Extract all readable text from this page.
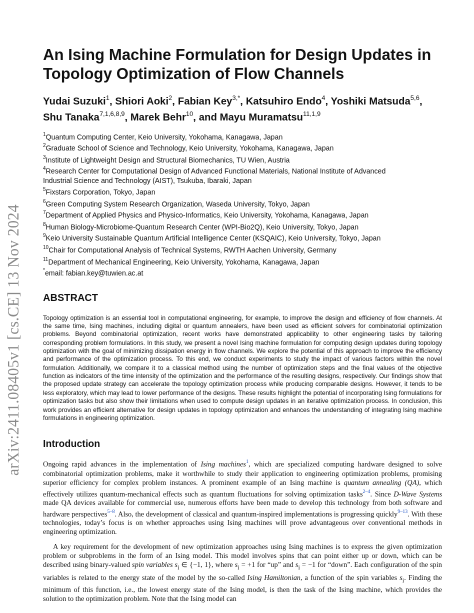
arXiv:2411.08405v1 [cs.CE] 13 Nov 2024
An Ising Machine Formulation for Design Updates in Topology Optimization of Flow Channels
Yudai Suzuki$^1$, Shiori Aoki$^2$, Fabian Key$^{3,*}$, Katsuhiro Endo$^4$, Yoshiki Matsuda$^{5,6}$, Shu Tanaka$^{7,1,6,8,9}$, Marek Behr$^{10}$, and Mayu Muramatsu$^{11,1,9}$
$^1$Quantum Computing Center, Keio University, Yokohama, Kanagawa, Japan
$^2$Graduate School of Science and Technology, Keio University, Yokohama, Kanagawa, Japan
$^3$Institute of Lightweight Design and Structural Biomechanics, TU Wien, Austria
$^4$Research Center for Computational Design of Advanced Functional Materials, National Institute of Advanced
Industrial Science and Technology (AIST), Tsukuba, Ibaraki, Japan
$^5$Fixstars Corporation, Tokyo, Japan
$^6$Green Computing System Research Organization, Waseda University, Tokyo, Japan
$^7$Department of Applied Physics and Physico-Informatics, Keio University, Yokohama, Kanagawa, Japan
$^8$Human Biology-Microbiome-Quantum Research Center (WPI-Bio2Q), Keio University, Tokyo, Japan
$^9$Keio University Sustainable Quantum Artificial Intelligence Center (KSQAIC), Keio University, Tokyo, Japan
$^{10}$Chair for Computational Analysis of Technical Systems, RWTH Aachen University, Germany
$^{11}$Department of Mechanical Engineering, Keio University, Yokohama, Kanagawa, Japan
*email: fabian.key@tuwien.ac.at
ABSTRACT

Topology optimization is an essential tool in computational engineering, for example, to improve the design and efficiency of flow channels. At the same time, Ising machines, including digital or quantum annealers, have been used as efficient solvers for combinatorial optimization problems. Beyond combinatorial optimization, recent works have demonstrated applicability to other engineering tasks by tailoring corresponding problem formulations. In this study, we present a novel Ising machine formulation for computing design updates during topology optimization with the goal of minimizing dissipation energy in flow channels. We explore the potential of this approach to improve the efficiency and performance of the optimization process. To this end, we conduct experiments to study the impact of various factors within the novel formulation. Additionally, we compare it to a classical method using the number of optimization steps and the final values of the objective function as indicators of the time intensity of the optimization and the performance of the resulting designs, respectively. Our findings show that the proposed update strategy can accelerate the topology optimization process while producing comparable designs. However, it tends to be less exploratory, which may lead to lower performance of the designs. These results highlight the potential of incorporating Ising formulations for optimization tasks but also show their limitations when used to compute design updates in an iterative optimization process. In conclusion, this work provides an efficient alternative for design updates in topology optimization and enhances the understanding of integrating Ising machine formulations in engineering optimization.

Introduction

Ongoing rapid advances in the implementation of Ising machines$^1$, which are specialized computing hardware designed to solve combinatorial optimization problems, make it worthwhile to study their application to engineering optimization problems, promising superior efficiency for complex problem instances. A prominent example of an Ising machine is quantum annealing (QA), which effectively utilizes quantum-mechanical effects such as quantum fluctuations for solving optimization tasks$^{2-4}$. Since D-Wave Systems made QA devices available for commercial use, numerous efforts have been made to develop this technology from both software and hardware perspectives$^{5-8}$. Also, the development of classical and quantum-inspired implementations is progressing quickly$^{9-13}$. With these technologies, today’s focus is on whether approaches using Ising machines will prove advantageous over conventional methods in engineering optimization.

A key requirement for the development of new optimization approaches using Ising machines is to express the given optimization problem or subproblems in the form of an Ising model. This model involves spins that can point either up or down, which can be described using binary-valued spin variables $s_i$ ∈ {−1, 1}, where $s_i = +1$ for “up” and $s_i = -1$ for “down”. Each configuration of the spin variables is related to the energy state of the model by the so-called Ising Hamiltonian, a function of the spin variables $s_i$. Finding the minimum of this function, i.e., the lowest energy state of the Ising model, is then the task of the Ising machine, which provides the solution to the optimization problem. Note that the Ising model can
